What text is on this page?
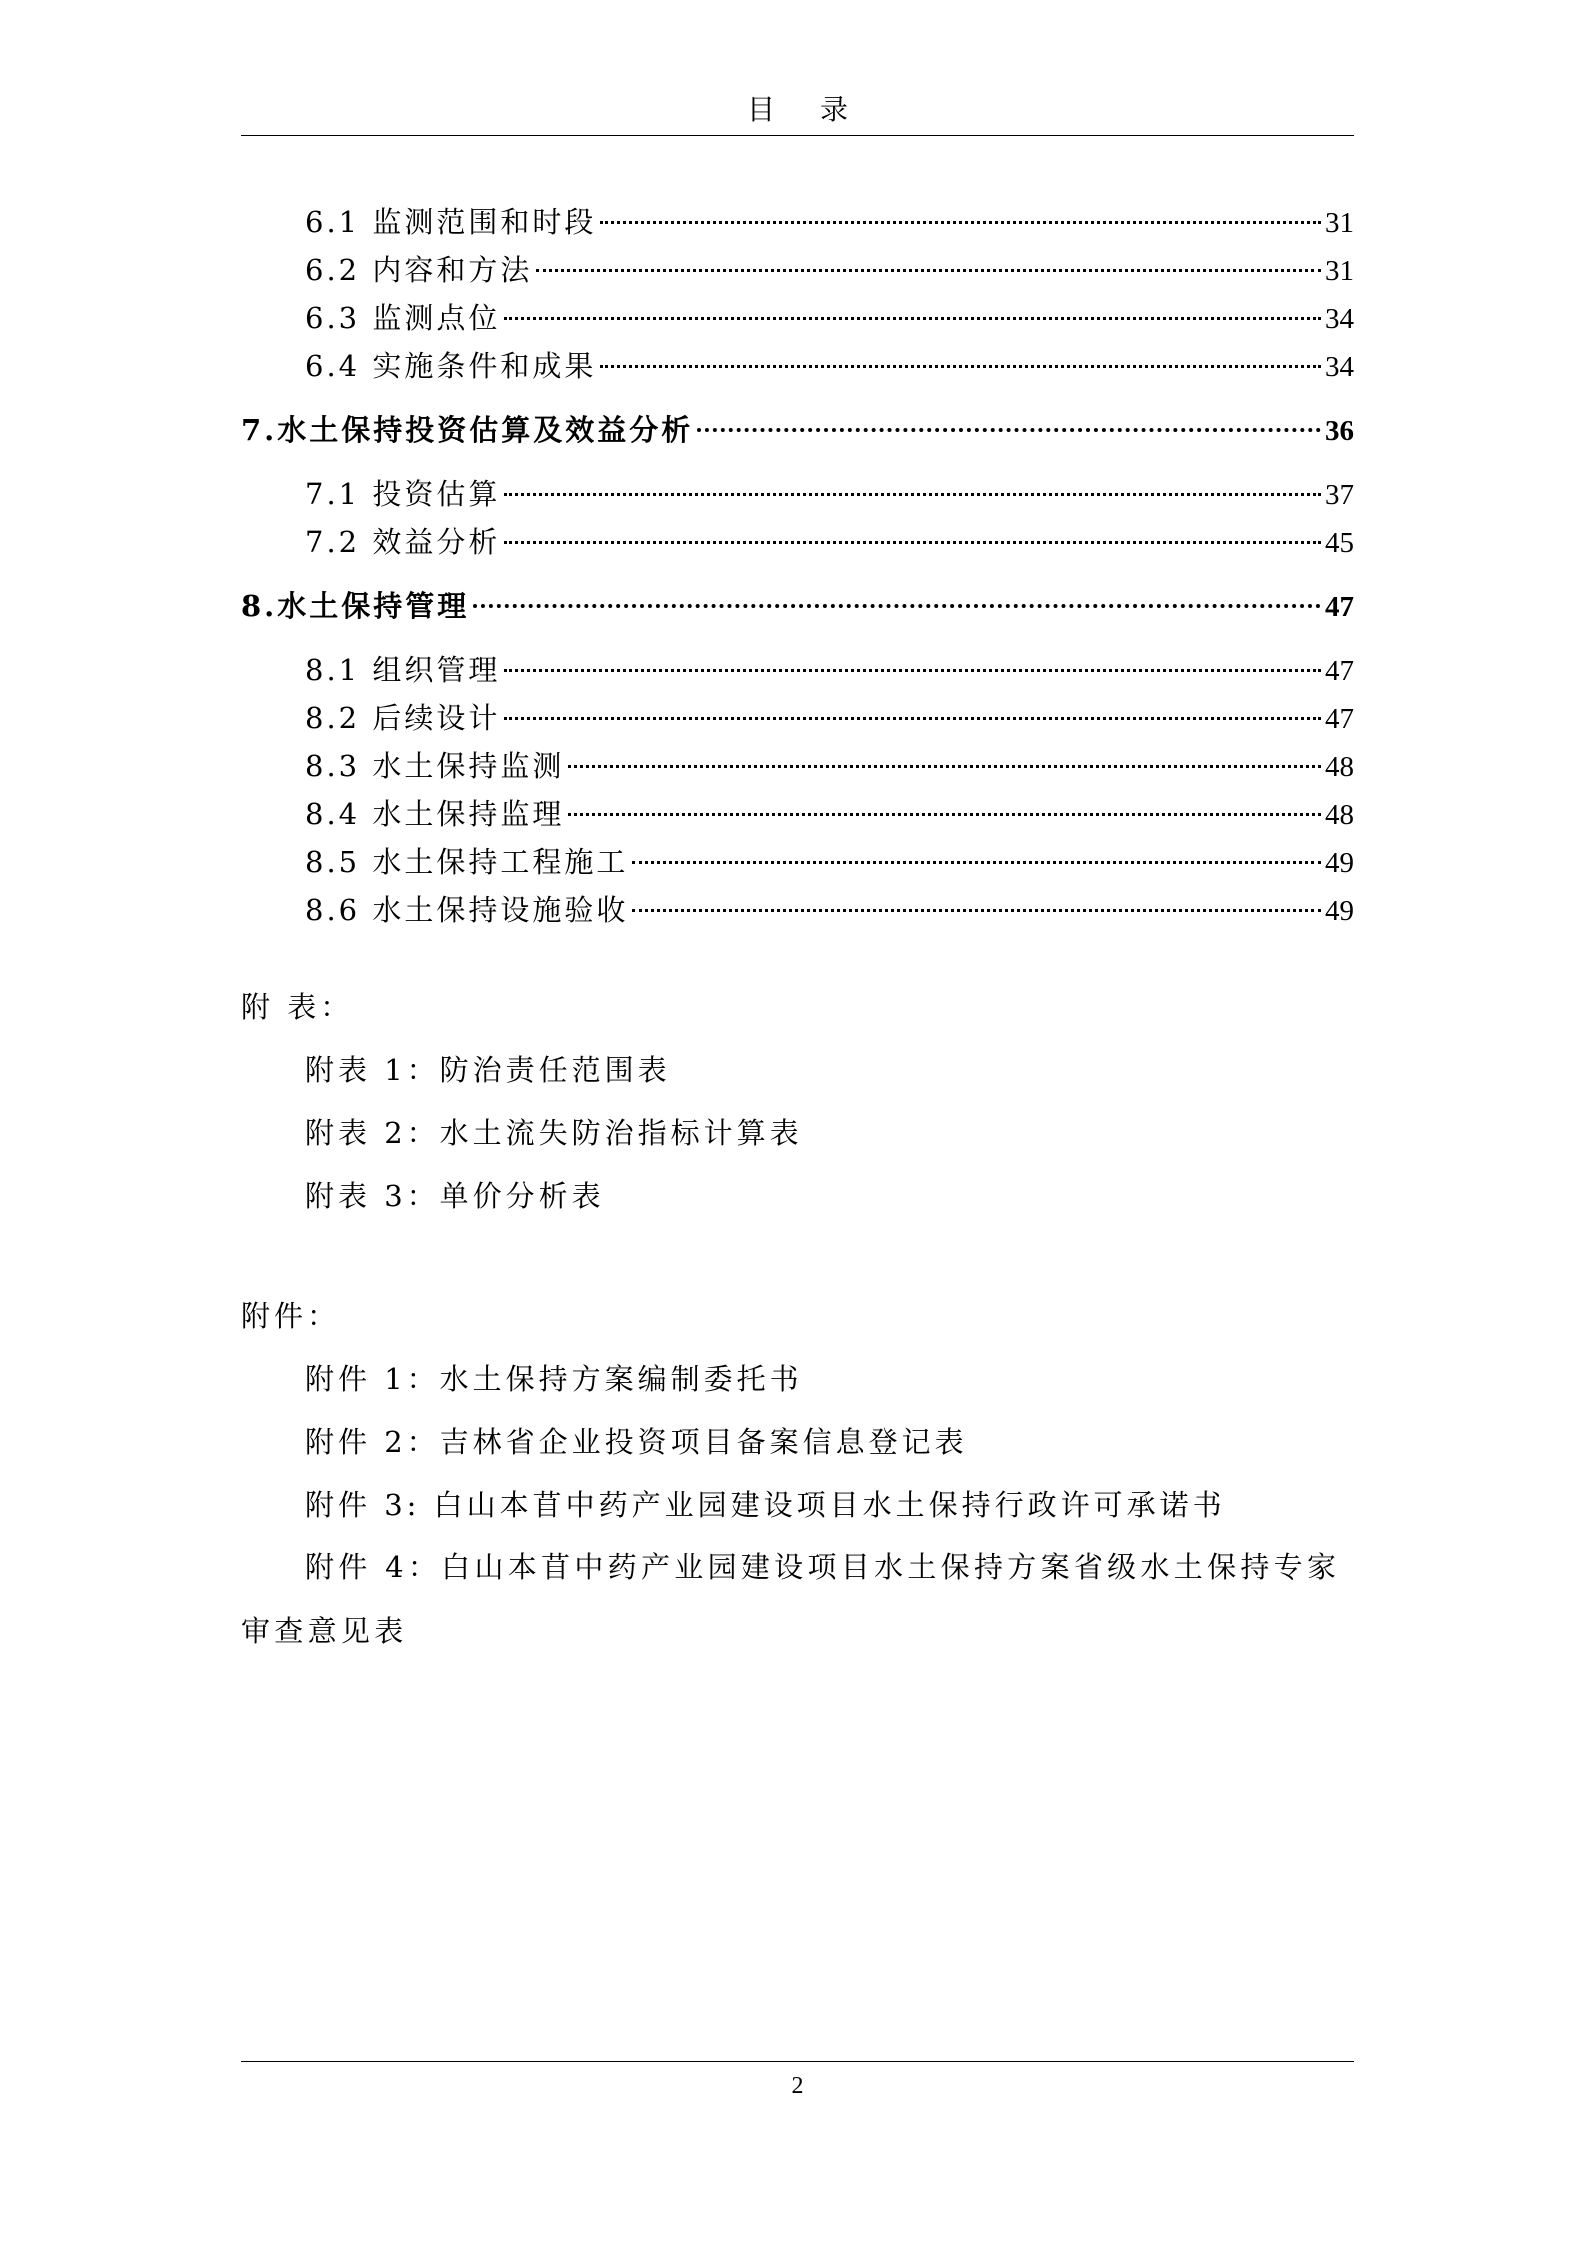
目 录
6.1 监测范围和时段	31
6.2 内容和方法	31
6.3 监测点位	34
6.4 实施条件和成果	34
7.水土保持投资估算及效益分析	36
7.1 投资估算	37
7.2 效益分析	45
8.水土保持管理	47
8.1 组织管理	47
8.2 后续设计	47
8.3 水土保持监测	48
8.4 水土保持监理	48
8.5 水土保持工程施工	49
8.6 水土保持设施验收	49
附 表：
附表 1：防治责任范围表
附表 2：水土流失防治指标计算表
附表 3：单价分析表
附件：
附件 1：水土保持方案编制委托书
附件 2：吉林省企业投资项目备案信息登记表
附件 3: 白山本苜中药产业园建设项目水土保持行政许可承诺书
附件 4：白山本苜中药产业园建设项目水土保持方案省级水土保持专家审查意见表
2
